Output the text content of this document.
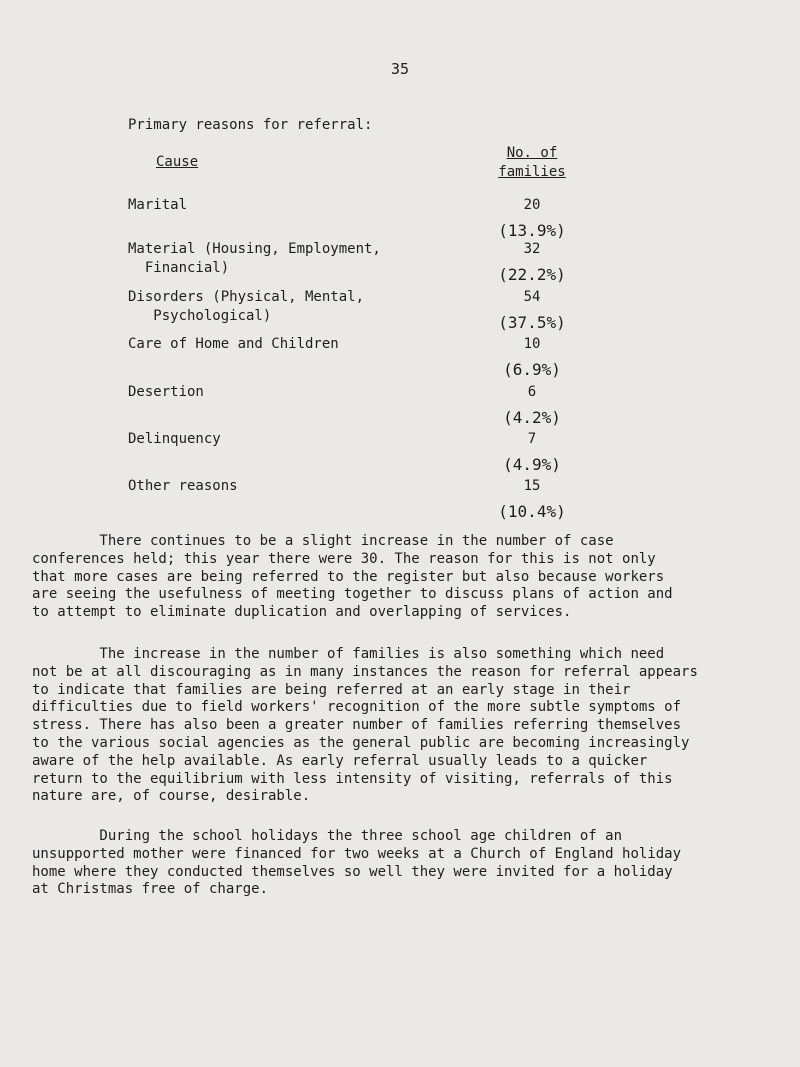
35
Primary reasons for referral:
Cause
No. of
families
Marital	20
(13.9%)
Material (Housing, Employment,
Financial)
32
(22.2%)
Disorders (Physical, Mental,
Psychological)
54
(37.5%)
Care of Home and Children	10
(6.9%)
Desertion	6
(4.2%)
Delinquency	7
(4.9%)
Other reasons	15
(10.4%)
There continues to be a slight increase in the number of case
conferences held; this year there were 30. The reason for this is not only
that more cases are being referred to the register but also because workers
are seeing the usefulness of meeting together to discuss plans of action and
to attempt to eliminate duplication and overlapping of services.
The increase in the number of families is also something which need
not be at all discouraging as in many instances the reason for referral appears
to indicate that families are being referred at an early stage in their
difficulties due to field workers' recognition of the more subtle symptoms of
stress. There has also been a greater number of families referring themselves
to the various social agencies as the general public are becoming increasingly
aware of the help available. As early referral usually leads to a quicker
return to the equilibrium with less intensity of visiting, referrals of this
nature are, of course, desirable.
During the school holidays the three school age children of an
unsupported mother were financed for two weeks at a Church of England holiday
home where they conducted themselves so well they were invited for a holiday
at Christmas free of charge.
